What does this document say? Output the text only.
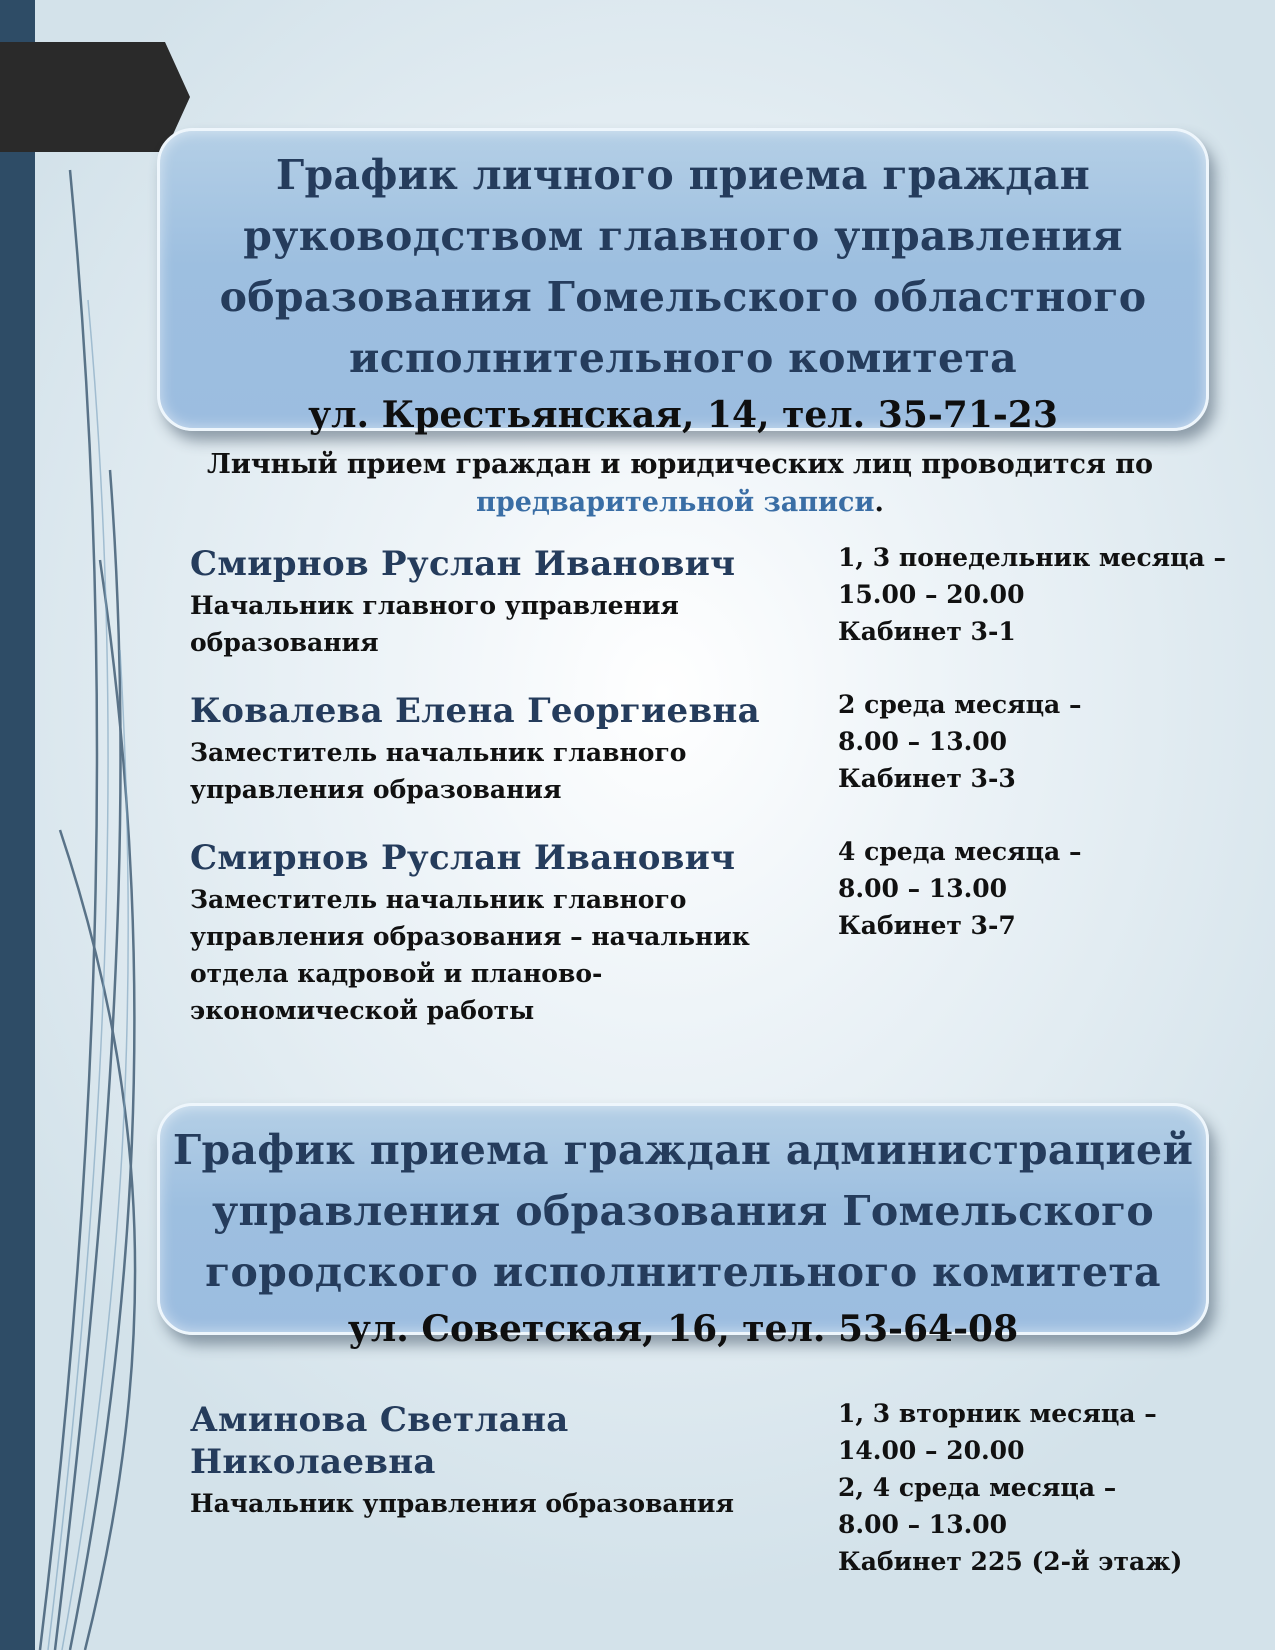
График личного приема граждан
руководством главного управления
образования Гомельского областного
исполнительного комитета
ул. Крестьянская, 14, тел. 35-71-23
Личный прием граждан и юридических лиц проводится по
предварительной записи.
Смирнов Руслан Иванович
Начальник главного управления
образования
1, 3 понедельник месяца –
15.00 – 20.00
Кабинет 3-1
Ковалева Елена Георгиевна
Заместитель начальник главного
управления образования
2 среда месяца –
8.00 – 13.00
Кабинет 3-3
Смирнов Руслан Иванович
Заместитель начальник главного
управления образования – начальник
отдела кадровой и планово-
экономической работы
4 среда месяца –
8.00 – 13.00
Кабинет 3-7
График приема граждан администрацией
управления образования Гомельского
городского исполнительного комитета
ул. Советская, 16, тел. 53-64-08
Аминова Светлана Николаевна
Начальник управления образования
1, 3 вторник месяца –
14.00 – 20.00
2, 4 среда месяца –
8.00 – 13.00
Кабинет 225 (2-й этаж)
